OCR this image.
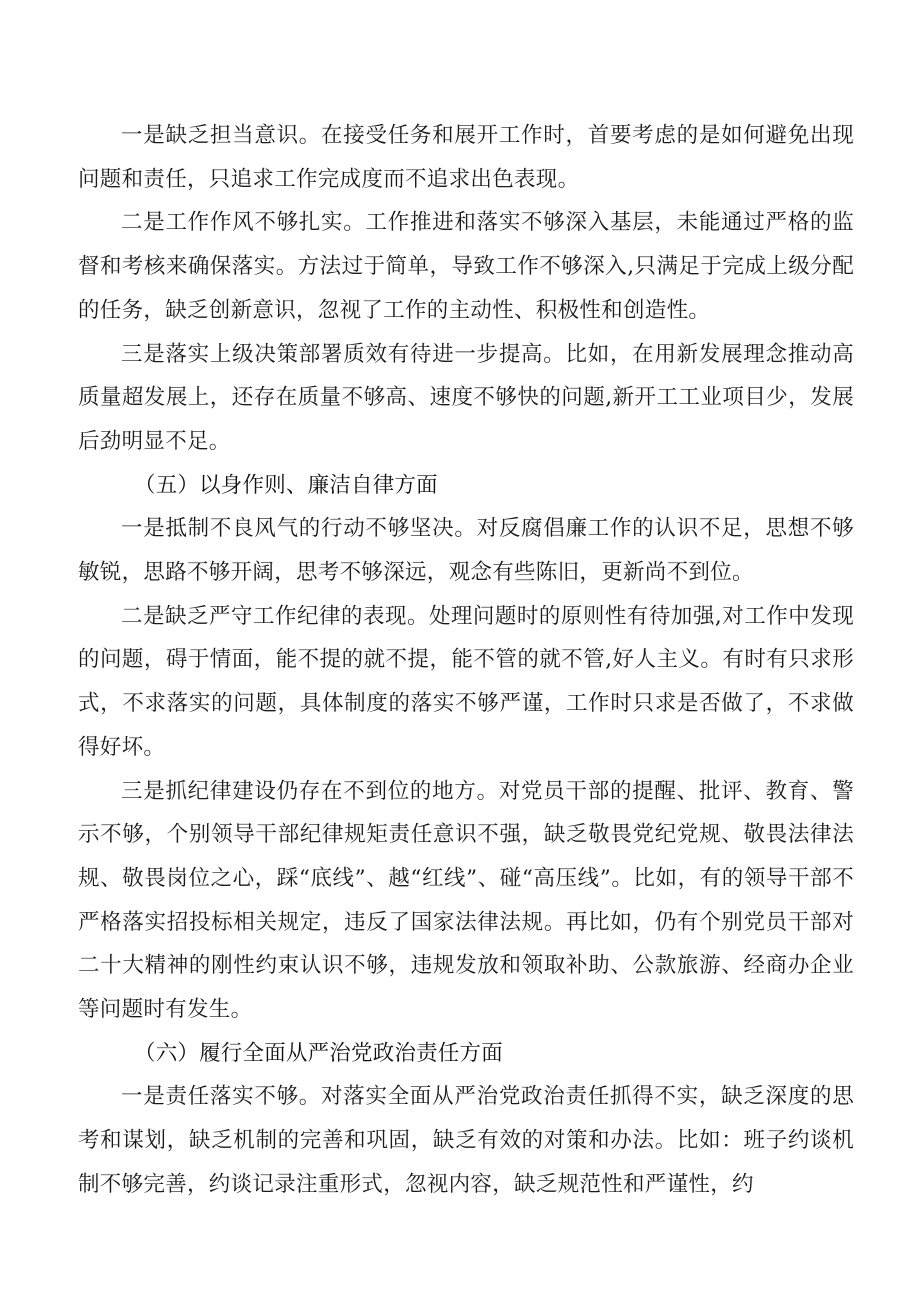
一是缺乏担当意识。在接受任务和展开工作时，首要考虑的是如何避免出现问题和责任，只追求工作完成度而不追求出色表现。

二是工作作风不够扎实。工作推进和落实不够深入基层，未能通过严格的监督和考核来确保落实。方法过于简单，导致工作不够深入,只满足于完成上级分配的任务，缺乏创新意识，忽视了工作的主动性、积极性和创造性。

三是落实上级决策部署质效有待进一步提高。比如，在用新发展理念推动高质量超发展上，还存在质量不够高、速度不够快的问题,新开工工业项目少，发展后劲明显不足。

（五）以身作则、廉洁自律方面

一是抵制不良风气的行动不够坚决。对反腐倡廉工作的认识不足，思想不够敏锐，思路不够开阔，思考不够深远，观念有些陈旧，更新尚不到位。

二是缺乏严守工作纪律的表现。处理问题时的原则性有待加强,对工作中发现的问题，碍于情面，能不提的就不提，能不管的就不管,好人主义。有时有只求形式，不求落实的问题，具体制度的落实不够严谨，工作时只求是否做了，不求做得好坏。

三是抓纪律建设仍存在不到位的地方。对党员干部的提醒、批评、教育、警示不够，个别领导干部纪律规矩责任意识不强，缺乏敬畏党纪党规、敬畏法律法规、敬畏岗位之心，踩“底线”、越“红线”、碰“高压线”。比如，有的领导干部不严格落实招投标相关规定，违反了国家法律法规。再比如，仍有个别党员干部对二十大精神的刚性约束认识不够，违规发放和领取补助、公款旅游、经商办企业等问题时有发生。

（六）履行全面从严治党政治责任方面

一是责任落实不够。对落实全面从严治党政治责任抓得不实，缺乏深度的思考和谋划，缺乏机制的完善和巩固，缺乏有效的对策和办法。比如：班子约谈机制不够完善，约谈记录注重形式，忽视内容，缺乏规范性和严谨性，约
